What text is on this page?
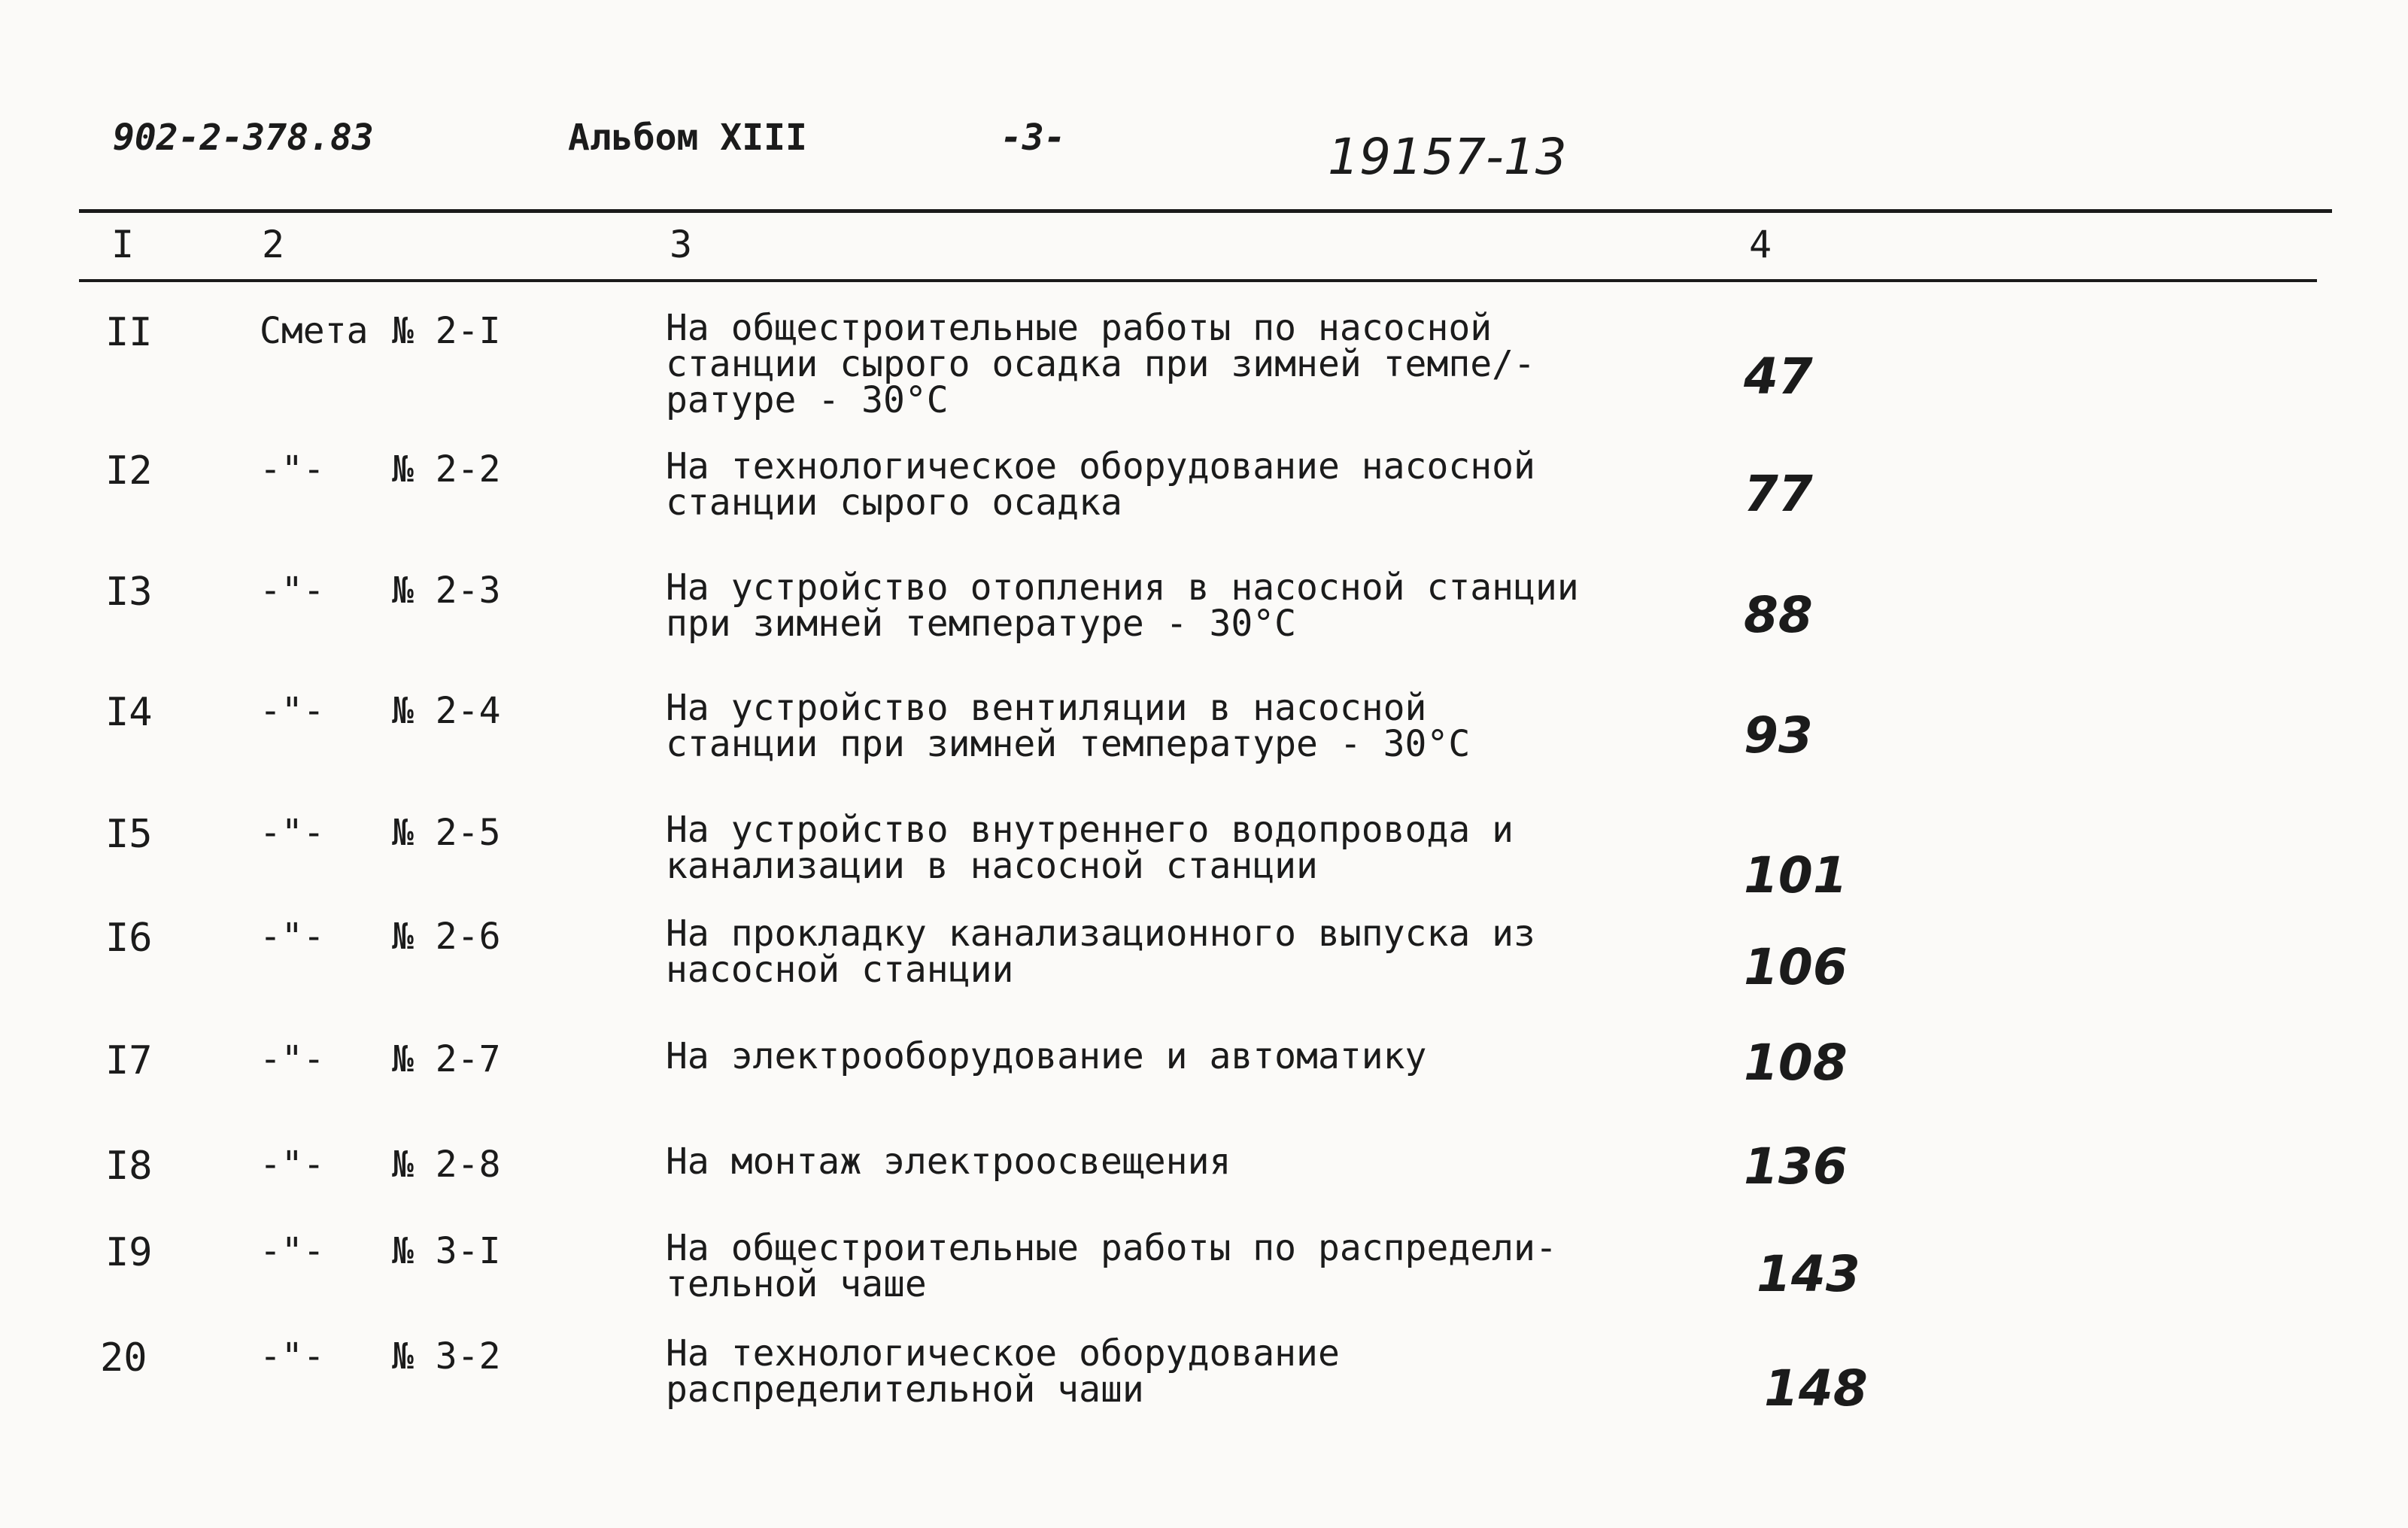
902-2-378.83	Альбом XIII	-3-	19157-13
I	2	3	4
II	Смета № 2-I	На общестроительные работы по насосной
станции сырого осадка при зимней темпе/-
ратуре - 30°C	47
I2	-"- № 2-2	На технологическое оборудование насосной
станции сырого осадка	77
I3	-"- № 2-3	На устройство отопления в насосной станции
при зимней температуре - 30°C	88
I4	-"- № 2-4	На устройство вентиляции в насосной
станции при зимней температуре - 30°C	93
I5	-"- № 2-5	На устройство внутреннего водопровода и
канализации в насосной станции	101
I6	-"- № 2-6	На прокладку канализационного выпуска из
насосной станции	106
I7	-"- № 2-7	На электрооборудование и автоматику	108
I8	-"- № 2-8	На монтаж электроосвещения	136
I9	-"- № 3-I	На общестроительные работы по распредели-
тельной чаше	143
20	-"- № 3-2	На технологическое оборудование
распределительной чаши	148
